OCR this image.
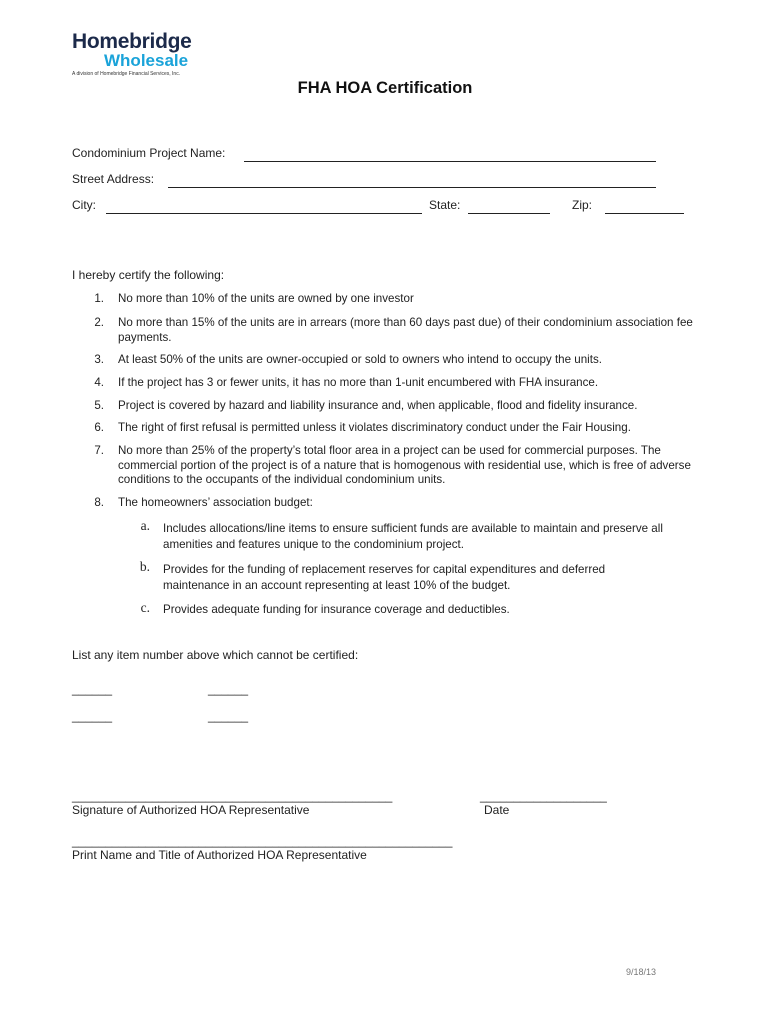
Homebridge
Wholesale
A division of Homebridge Financial Services, Inc.
FHA HOA Certification
Condominium Project Name:
Street Address:
City:	State:	Zip:
I hereby certify the following:
1. No more than 10% of the units are owned by one investor
2. No more than 15% of the units are in arrears (more than 60 days past due) of their condominium association fee payments.
3. At least 50% of the units are owner-occupied or sold to owners who intend to occupy the units.
4. If the project has 3 or fewer units, it has no more than 1-unit encumbered with FHA insurance.
5. Project is covered by hazard and liability insurance and, when applicable, flood and fidelity insurance.
6. The right of first refusal is permitted unless it violates discriminatory conduct under the Fair Housing.
7. No more than 25% of the property’s total floor area in a project can be used for commercial purposes. The commercial portion of the project is of a nature that is homogenous with residential use, which is free of adverse conditions to the occupants of the individual condominium units.
8. The homeowners’ association budget:
a. Includes allocations/line items to ensure sufficient funds are available to maintain and preserve all amenities and features unique to the condominium project.
b. Provides for the funding of replacement reserves for capital expenditures and deferred maintenance in an account representing at least 10% of the budget.
c. Provides adequate funding for insurance coverage and deductibles.
List any item number above which cannot be certified:
______	______
______	______
________________________________________________	___________________
Signature of Authorized HOA Representative	Date
_________________________________________________________
Print Name and Title of Authorized HOA Representative
9/18/13
